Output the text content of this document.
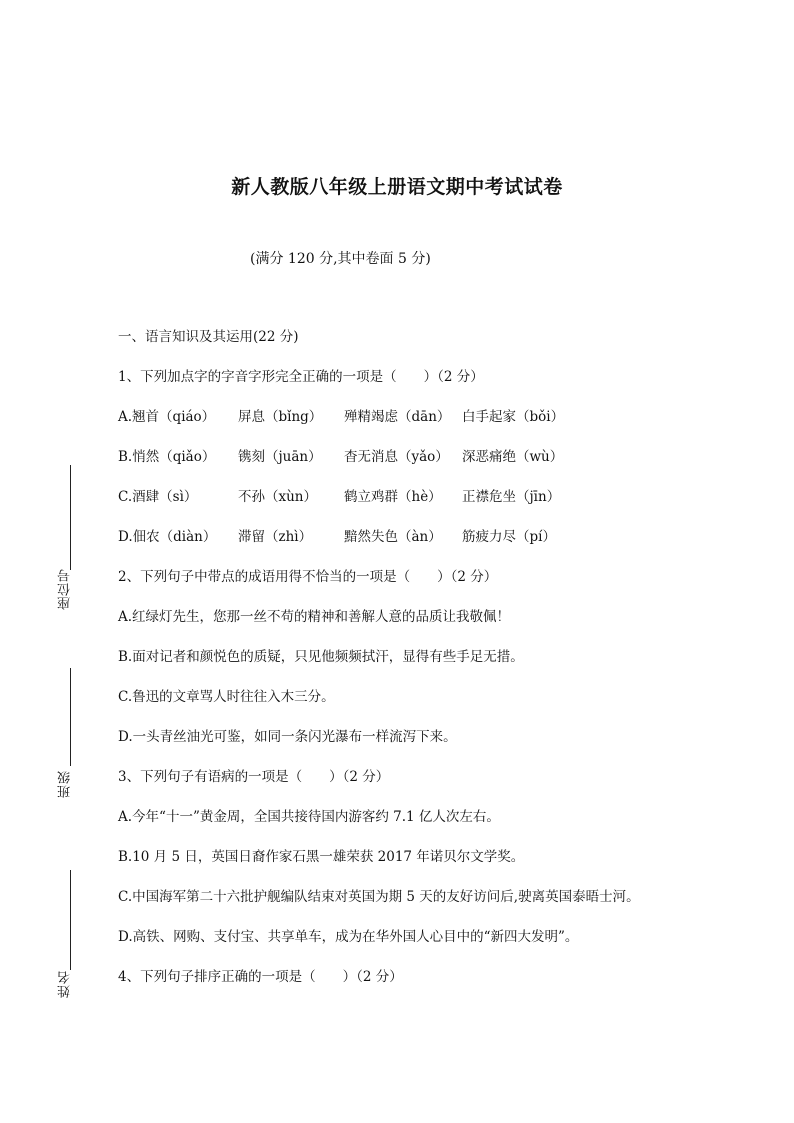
新人教版八年级上册语文期中考试试卷
(满分 120 分,其中卷面 5 分)
一、语言知识及其运用(22 分)
1、下列加点字的字音字形完全正确的一项是（　　）（2 分）
A.翘首（qiáo） 屏息（bǐng） 殚精竭虑（dān） 白手起家（bǒi）
B.悄然（qiǎo） 镌刻（juān） 杳无消息（yǎo） 深恶痛绝（wù）
C.酒肆（sì）	不孙（xùn） 鹤立鸡群（hè） 正襟危坐（jīn）
D.佃农（diàn） 滞留（zhì） 黯然失色（àn） 筋疲力尽（pí）
2、下列句子中带点的成语用得不恰当的一项是（　　）（2 分）
A.红绿灯先生，您那一丝不苟的精神和善解人意的品质让我敬佩！
B.面对记者和颜悦色的质疑，只见他频频拭汗，显得有些手足无措。
C.鲁迅的文章骂人时往往入木三分。
D.一头青丝油光可鉴，如同一条闪光瀑布一样流泻下来。
3、下列句子有语病的一项是（　　）（2 分）
A.今年“十一”黄金周，全国共接待国内游客约 7.1 亿人次左右。
B.10 月 5 日，英国日裔作家石黑一雄荣获 2017 年诺贝尔文学奖。
C.中国海军第二十六批护舰编队结束对英国为期 5 天的友好访问后,驶离英国泰晤士河。
D.高铁、网购、支付宝、共享单车，成为在华外国人心目中的“新四大发明”。
4、下列句子排序正确的一项是（　　）（2 分）
座位号
班级
姓名
